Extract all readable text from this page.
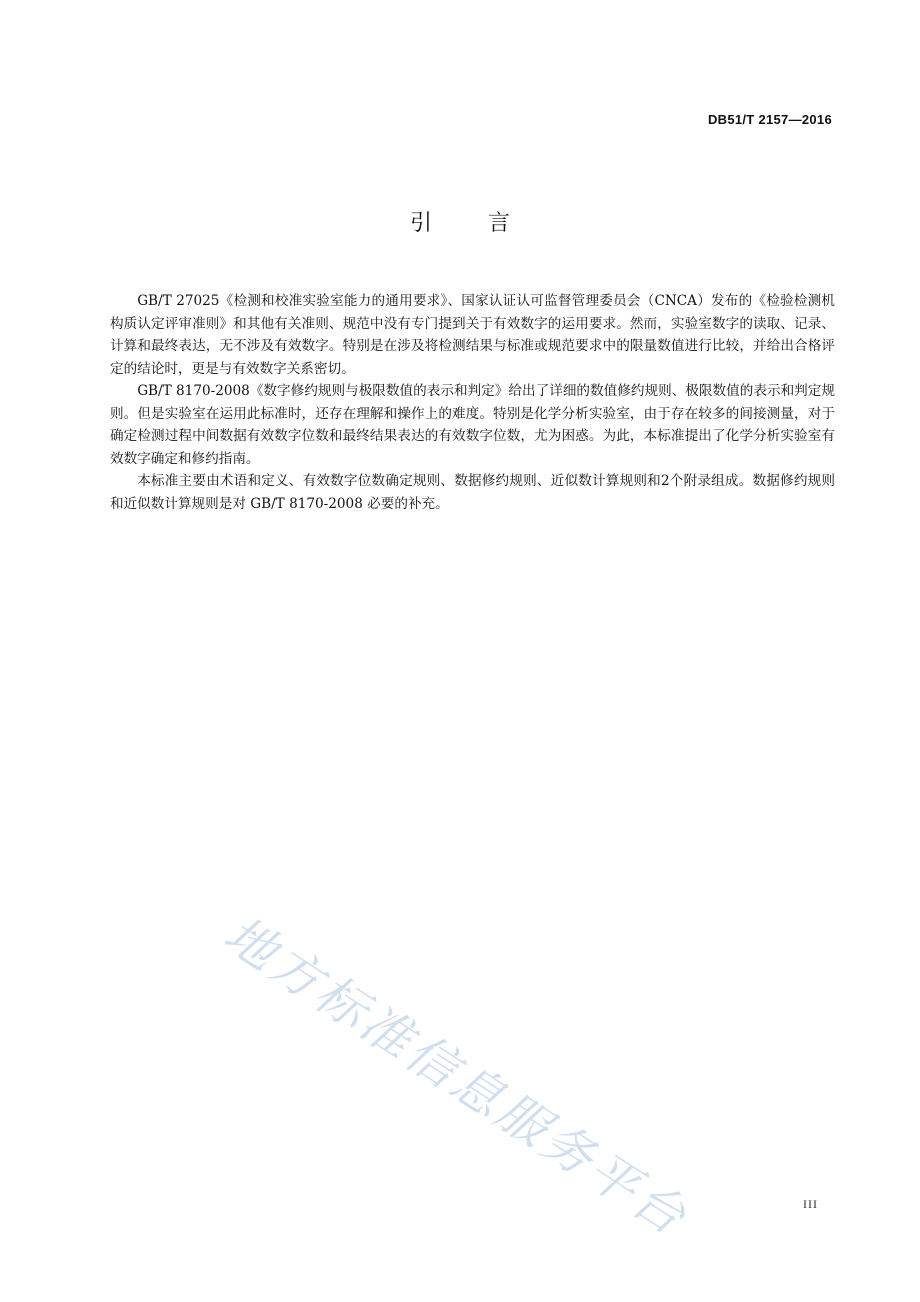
DB51/T 2157—2016
引	言

GB/T 27025《检测和校准实验室能力的通用要求》、国家认证认可监督管理委员会（CNCA）发布的《检验检测机构质认定评审准则》和其他有关准则、规范中没有专门提到关于有效数字的运用要求。然而，实验室数字的读取、记录、计算和最终表达，无不涉及有效数字。特别是在涉及将检测结果与标准或规范要求中的限量数值进行比较，并给出合格评定的结论时，更是与有效数字关系密切。

GB/T 8170-2008《数字修约规则与极限数值的表示和判定》给出了详细的数值修约规则、极限数值的表示和判定规则。但是实验室在运用此标准时，还存在理解和操作上的难度。特别是化学分析实验室，由于存在较多的间接测量，对于确定检测过程中间数据有效数字位数和最终结果表达的有效数字位数，尤为困惑。为此，本标准提出了化学分析实验室有效数字确定和修约指南。

本标准主要由术语和定义、有效数字位数确定规则、数据修约规则、近似数计算规则和2个附录组成。数据修约规则和近似数计算规则是对 GB/T 8170-2008 必要的补充。

地方标准信息服务平台	III
